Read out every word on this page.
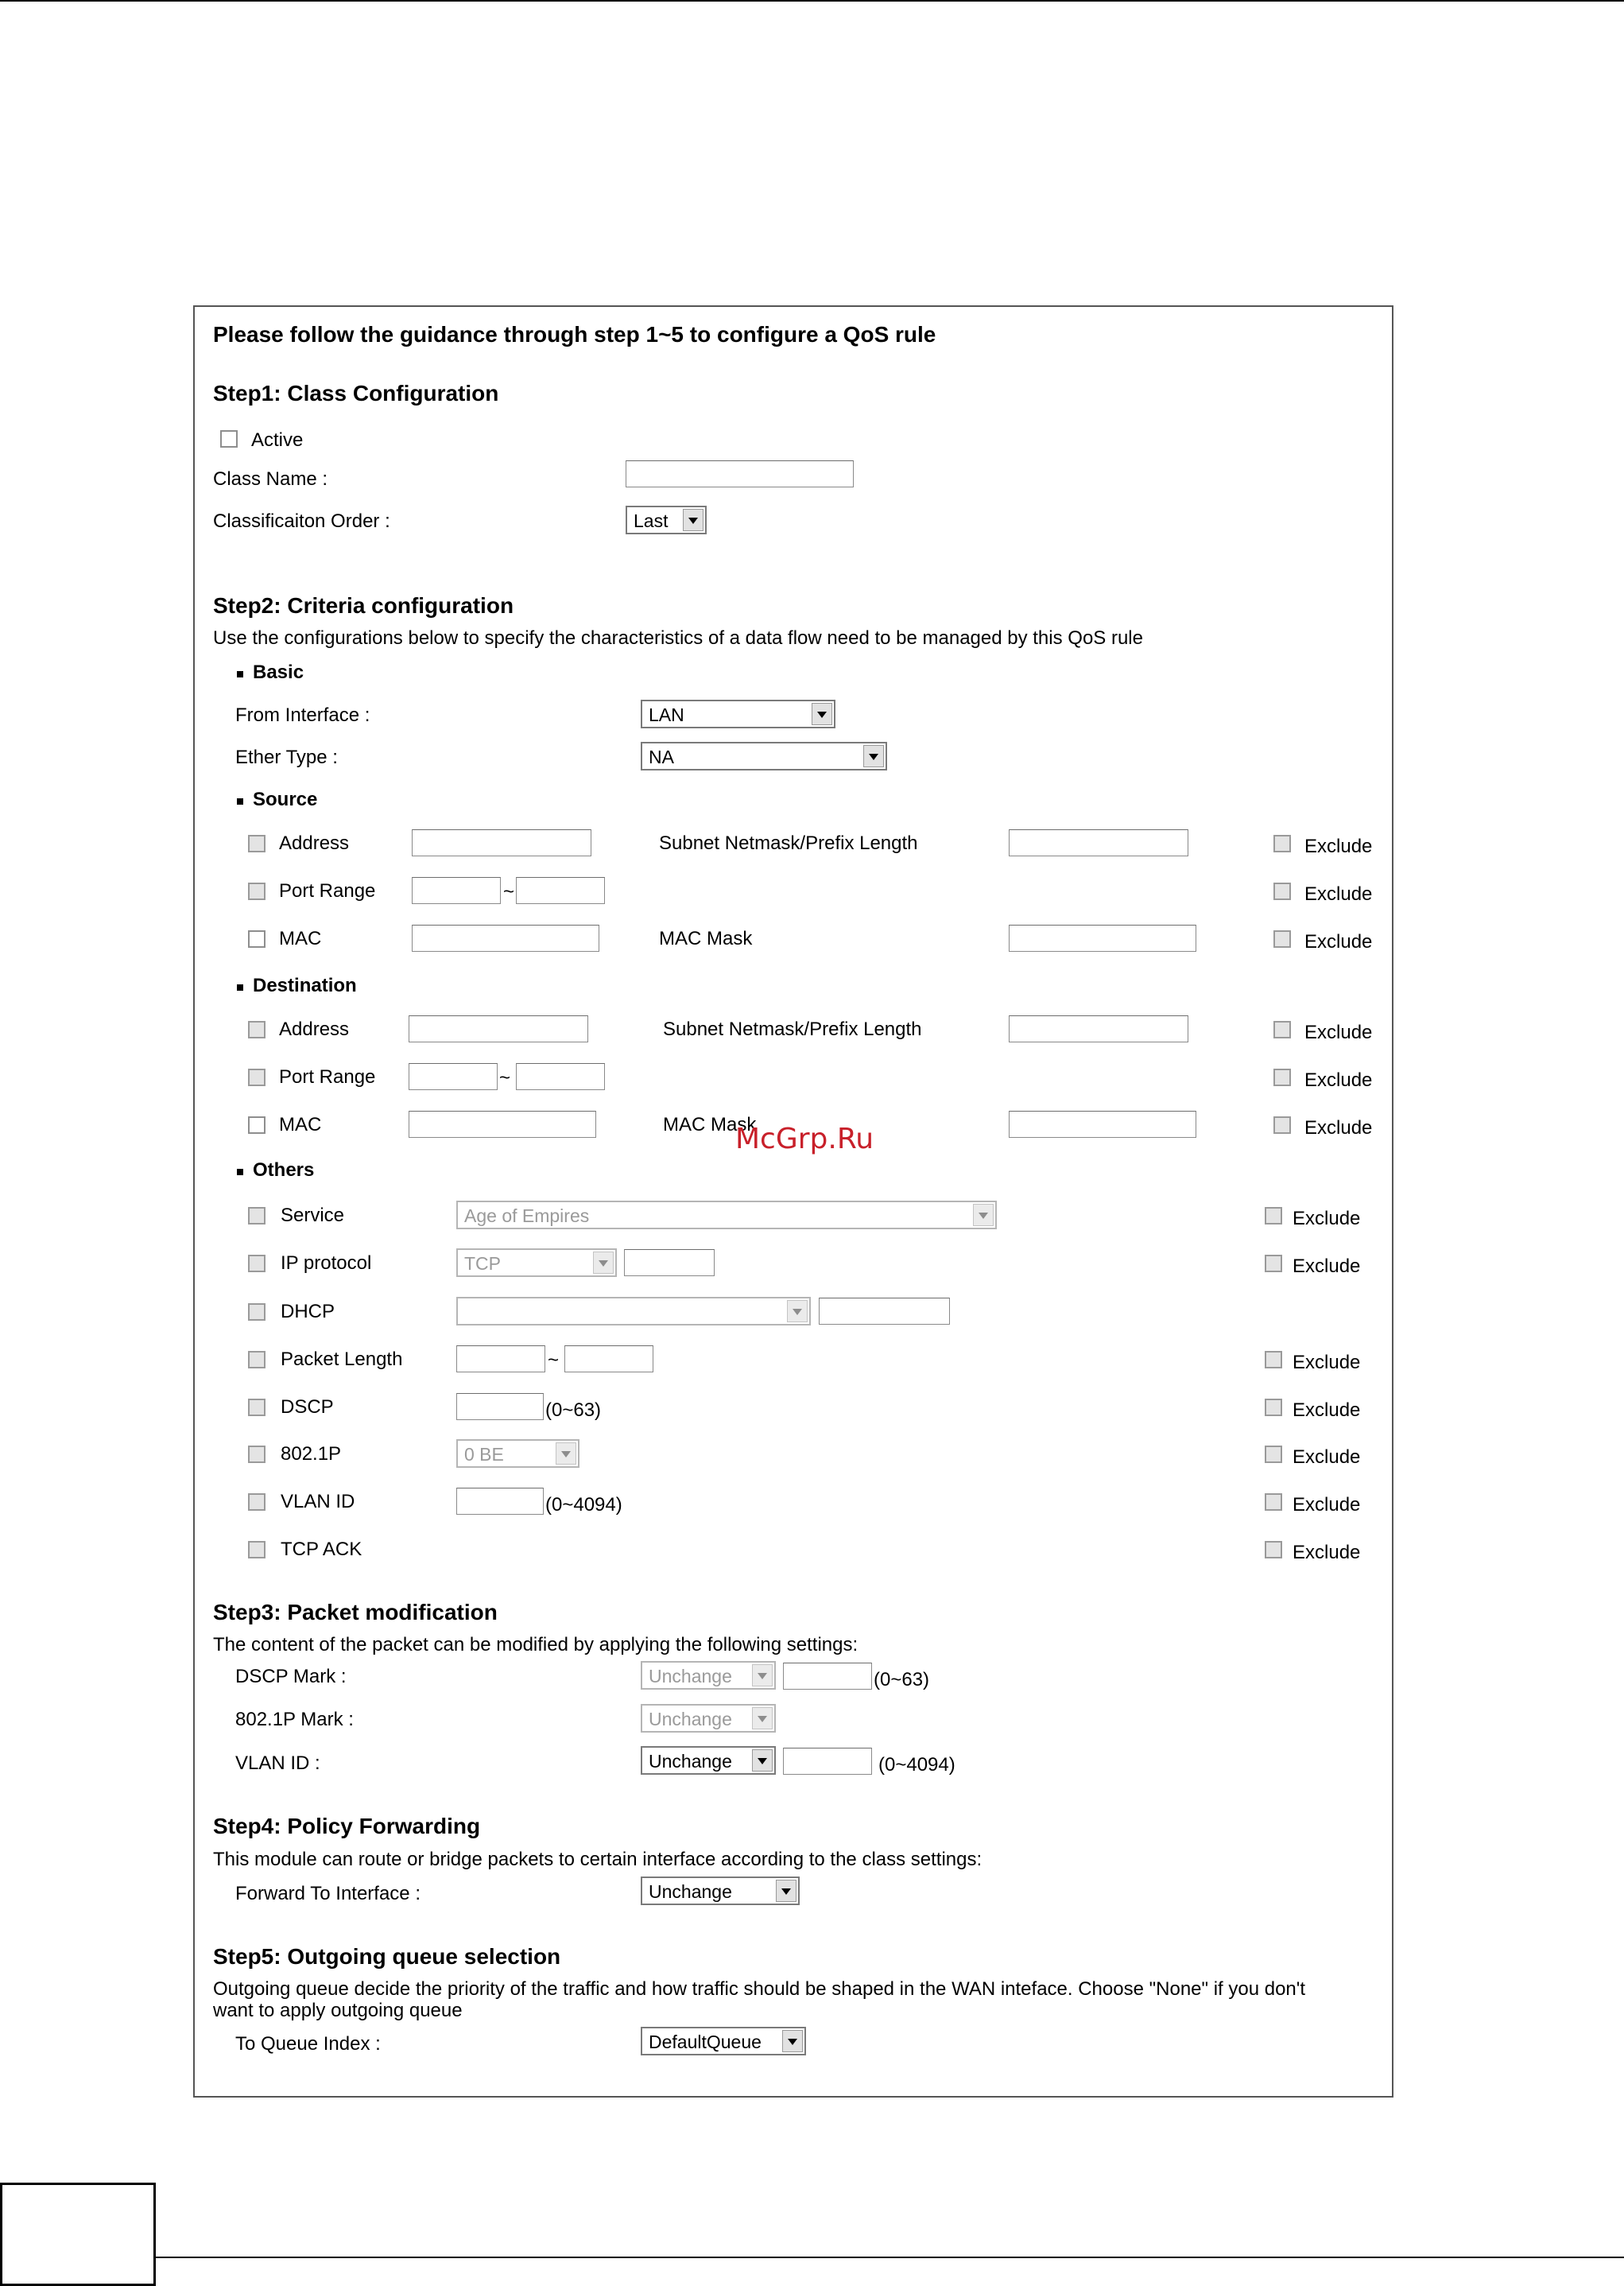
Please follow the guidance through step 1~5 to configure a QoS rule
Step1: Class Configuration
Active
Class Name :
Classificaiton Order :	Last
Step2: Criteria configuration
Use the configurations below to specify the characteristics of a data flow need to be managed by this QoS rule
Basic
From Interface :	LAN
Ether Type :	NA
Source
Address	Subnet Netmask/Prefix Length	Exclude
Port Range	~	Exclude
MAC	MAC Mask	Exclude
Destination
Address	Subnet Netmask/Prefix Length	Exclude
Port Range	~	Exclude
MAC	MAC Mask	Exclude
Others
Service	Age of Empires	Exclude
IP protocol	TCP	Exclude
DHCP
Packet Length	~	Exclude
DSCP	(0~63)	Exclude
802.1P	0 BE	Exclude
VLAN ID	(0~4094)	Exclude
TCP ACK	Exclude
Step3: Packet modification
The content of the packet can be modified by applying the following settings:
DSCP Mark :	Unchange	(0~63)
802.1P Mark :	Unchange
VLAN ID :	Unchange	(0~4094)
Step4: Policy Forwarding
This module can route or bridge packets to certain interface according to the class settings:
Forward To Interface :	Unchange
Step5: Outgoing queue selection
Outgoing queue decide the priority of the traffic and how traffic should be shaped in the WAN inteface. Choose "None" if you don't
want to apply outgoing queue
To Queue Index :	DefaultQueue
McGrp.Ru
